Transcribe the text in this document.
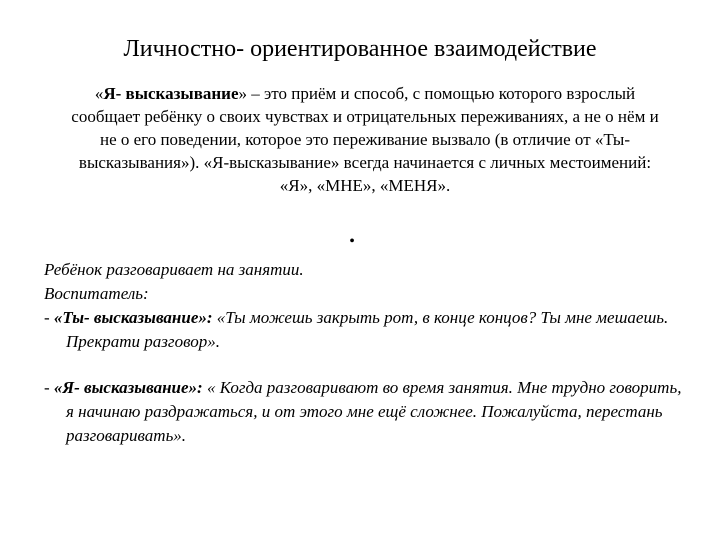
Личностно- ориентированное взаимодействие
«Я- высказывание» – это приём и способ, с помощью которого взрослый сообщает ребёнку о своих чувствах и отрицательных переживаниях, а не о нём и не о его поведении, которое это переживание вызвало (в отличие от «Ты- высказывания»). «Я-высказывание» всегда начинается с личных местоимений: «Я», «МНЕ», «МЕНЯ».
•

Ребёнок разговаривает на занятии.

Воспитатель:

- «Ты- высказывание»: «Ты можешь закрыть рот, в конце концов? Ты мне мешаешь. Прекрати разговор».

- «Я- высказывание»: « Когда разговаривают во время занятия. Мне трудно говорить, я начинаю раздражаться, и от этого мне ещё сложнее. Пожалуйста, перестань разговаривать».
